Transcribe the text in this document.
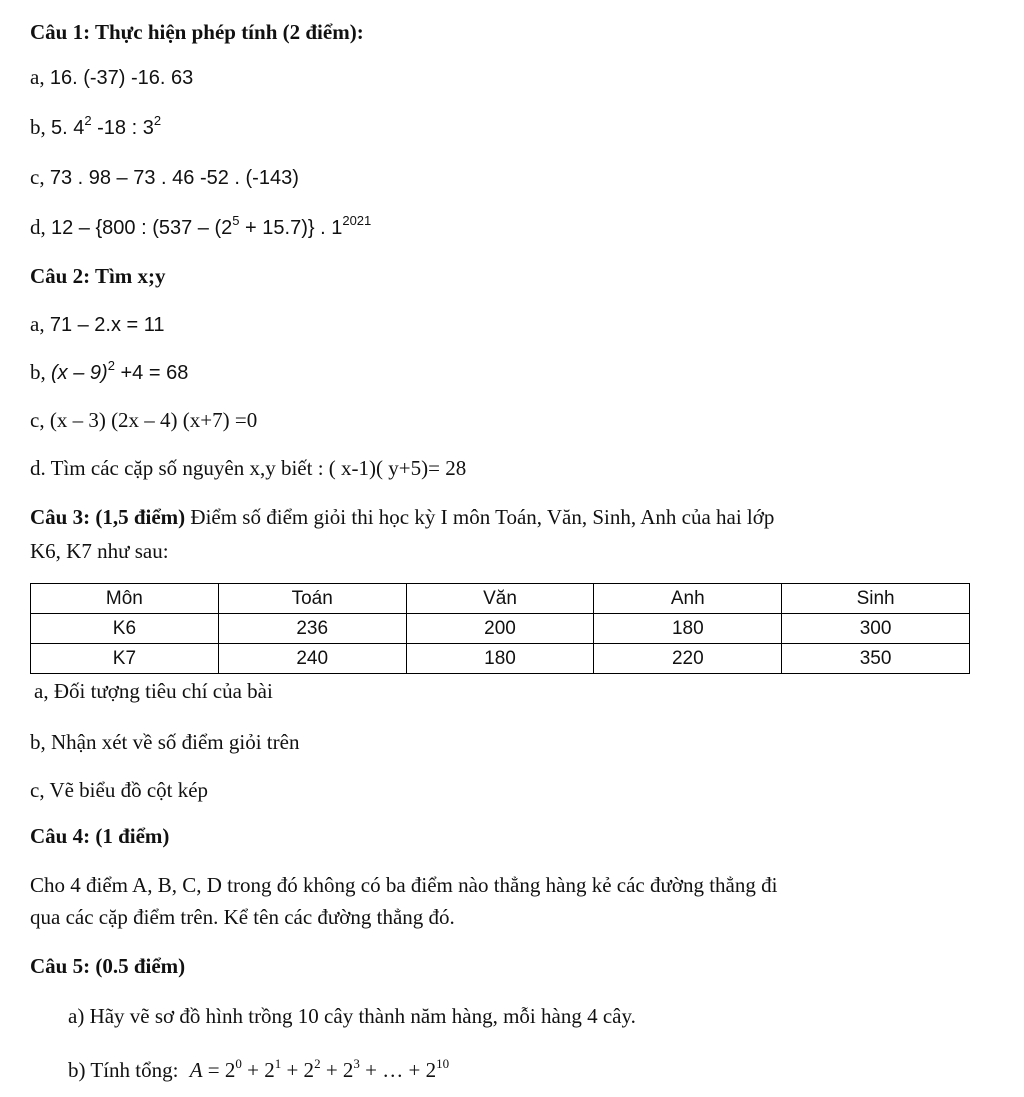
Câu 1: Thực hiện phép tính (2 điểm):
a, 16. (-37) -16. 63
b, 5. $4^2$ -18 : $3^2$
c, 73 . 98 – 73 . 46 -52 . (-143)
d, 12 – {800 : $(537 - (2^5 + 15.7)\}$ . $1^{2021}$
Câu 2: Tìm x;y
a, 71 – 2.x = 11
b, (x – 9)$^2$ +4 = 68
c, (x – 3) (2x – 4) (x+7) =0
d. Tìm các cặp số nguyên x,y biết : ( x-1)( y+5)= 28
Câu 3: (1,5 điểm) Điểm số điểm giỏi thi học kỳ I môn Toán, Văn, Sinh, Anh của hai lớp
K6, K7 như sau:
Môn	Toán	Văn	Anh	Sinh
K6	236	200	180	300
K7	240	180	220	350
a, Đối tượng tiêu chí của bài
b, Nhận xét về số điểm giỏi trên
c, Vẽ biểu đồ cột kép
Câu 4: (1 điểm)
Cho 4 điểm A, B, C, D trong đó không có ba điểm nào thẳng hàng kẻ các đường thẳng đi
qua các cặp điểm trên. Kể tên các đường thẳng đó.
Câu 5: (0.5 điểm)
a) Hãy vẽ sơ đồ hình trồng 10 cây thành năm hàng, mỗi hàng 4 cây.
b) Tính tổng: $A = 2^0 + 2^1 + 2^2 + 2^3$ + … + $2^{10}$
